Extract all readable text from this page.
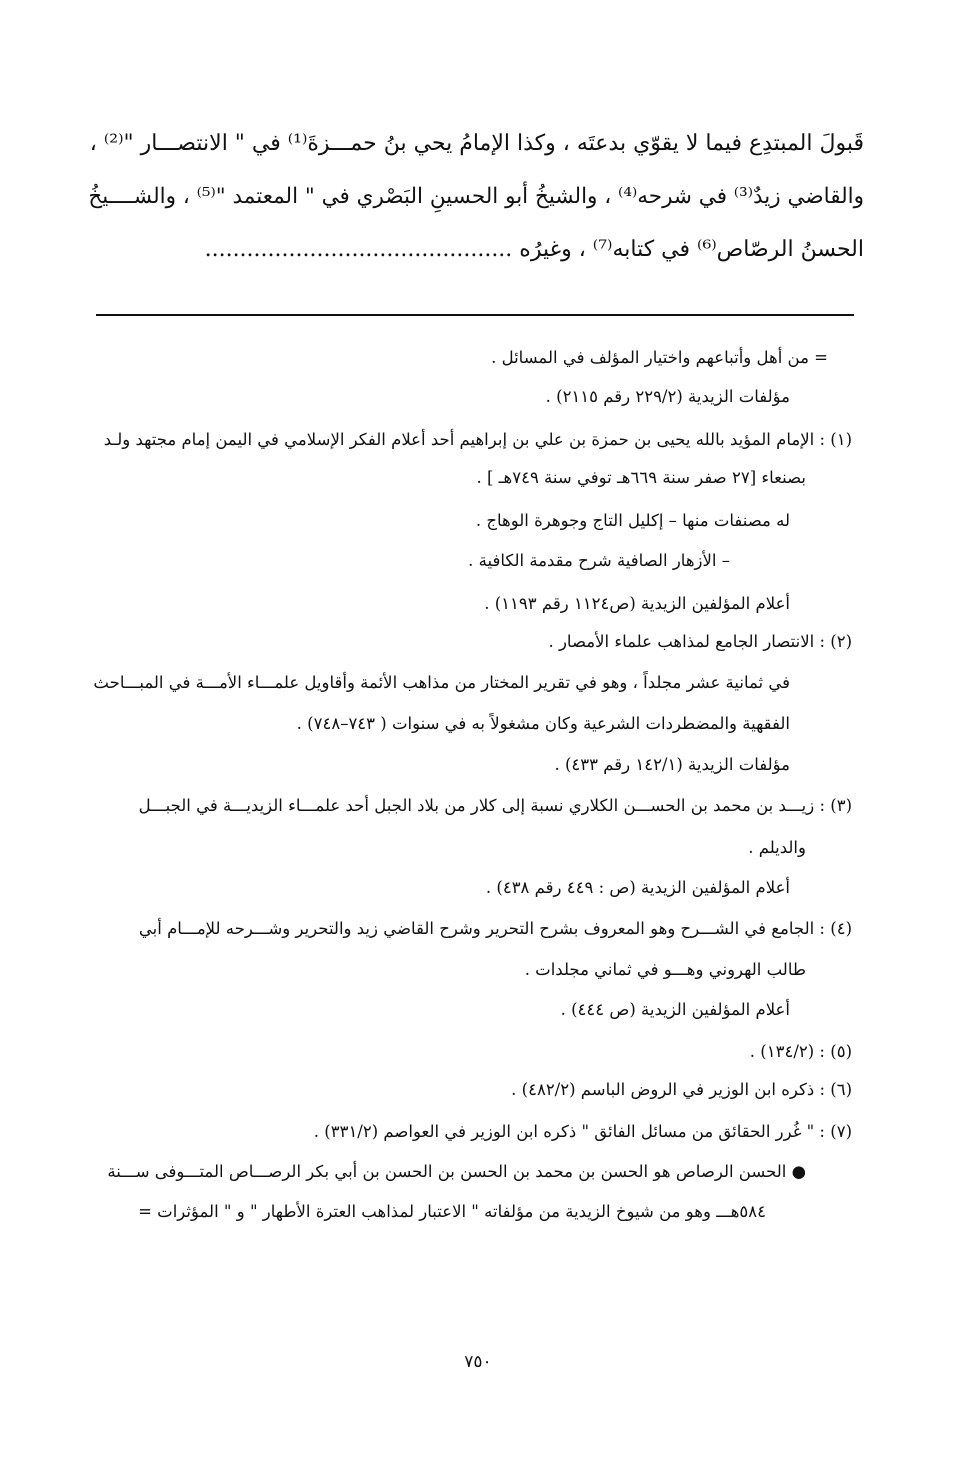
قَبولَ المبتدِع فيما لا يقوّي بدعتَه ، وكذا الإمامُ يحي بنُ حمـــزةَ⁽¹⁾ في " الانتصـــار "⁽²⁾ ،
والقاضي زيدٌ⁽³⁾ في شرحه⁽⁴⁾ ، والشيخُ أبو الحسينِ البَصْري في " المعتمد "⁽⁵⁾ ، والشــــيخُ
الحسنُ الرصّاص⁽⁶⁾ في كتابه⁽⁷⁾ ، وغيرُه ............................................
= من أهل وأتباعهم واختيار المؤلف في المسائل .
مؤلفات الزيدية (٢٢٩/٢ رقم ٢١١٥) .
(١) : الإمام المؤيد بالله يحيى بن حمزة بن علي بن إبراهيم أحد أعلام الفكر الإسلامي في اليمن إمام مجتهد ولـد
بصنعاء [٢٧ صفر سنة ٦٦٩هـ توفي سنة ٧٤٩هـ ] .
له مصنفات منها – إكليل التاج وجوهرة الوهاج .
– الأزهار الصافية شرح مقدمة الكافية .
أعلام المؤلفين الزيدية (ص١١٢٤ رقم ١١٩٣) .
(٢) : الانتصار الجامع لمذاهب علماء الأمصار .
في ثمانية عشر مجلداً ، وهو في تقرير المختار من مذاهب الأئمة وأقاويل علمـــاء الأمـــة في المبـــاحث
الفقهية والمضطردات الشرعية وكان مشغولاً به في سنوات ( ٧٤٣–٧٤٨) .
مؤلفات الزيدية (١٤٢/١ رقم ٤٣٣) .
(٣) : زيـــد بن محمد بن الحســـن الكلاري نسبة إلى كلار من بلاد الجبل أحد علمـــاء الزيديـــة في الجبـــل
والديلم .
أعلام المؤلفين الزيدية (ص : ٤٤٩ رقم ٤٣٨) .
(٤) : الجامع في الشـــرح وهو المعروف بشرح التحرير وشرح القاضي زيد والتحرير وشـــرحه للإمـــام أبي
طالب الهروني وهـــو في ثماني مجلدات .
أعلام المؤلفين الزيدية (ص ٤٤٤) .
(٥) : (١٣٤/٢) .
(٦) : ذكره ابن الوزير في الروض الباسم (٤٨٢/٢) .
(٧) : " غُرر الحقائق من مسائل الفائق " ذكره ابن الوزير في العواصم (٣٣١/٢) .
● الحسن الرصاص هو الحسن بن محمد بن الحسن بن الحسن بن أبي بكر الرصـــاص المتـــوفى ســـنة
٥٨٤هـــ وهو من شيوخ الزيدية من مؤلفاته " الاعتبار لمذاهب العترة الأطهار " و " المؤثرات =
٧٥٠
